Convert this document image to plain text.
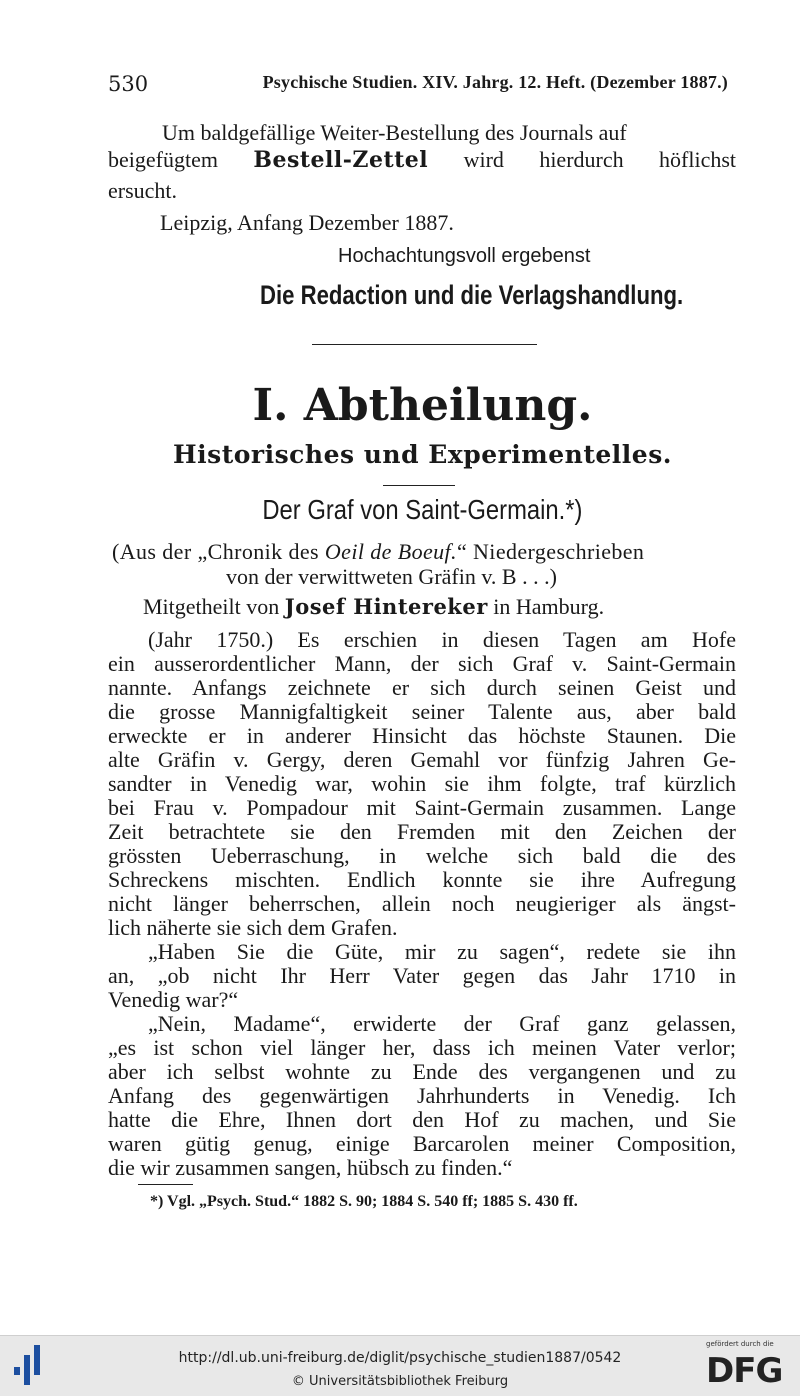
530	Psychische Studien. XIV. Jahrg. 12. Heft. (Dezember 1887.)
Um baldgefällige Weiter-Bestellung des Journals auf
beigefügtem Bestell-Zettel wird hierdurch höflichst
ersucht.
Leipzig, Anfang Dezember 1887.
Hochachtungsvoll ergebenst
Die Redaction und die Verlagshandlung.
I. Abtheilung.
Historisches und Experimentelles.
Der Graf von Saint-Germain.*)
(Aus der „Chronik des Oeil de Boeuf.“ Niedergeschrieben
von der verwittweten Gräfin v. B . . .)
Mitgetheilt von Josef Hintereker in Hamburg.
(Jahr 1750.) Es erschien in diesen Tagen am Hofe
ein ausserordentlicher Mann, der sich Graf v. Saint-Germain
nannte. Anfangs zeichnete er sich durch seinen Geist und
die grosse Mannigfaltigkeit seiner Talente aus, aber bald
erweckte er in anderer Hinsicht das höchste Staunen. Die
alte Gräfin v. Gergy, deren Gemahl vor fünfzig Jahren Ge-
sandter in Venedig war, wohin sie ihm folgte, traf kürzlich
bei Frau v. Pompadour mit Saint-Germain zusammen. Lange
Zeit betrachtete sie den Fremden mit den Zeichen der
grössten Ueberraschung, in welche sich bald die des
Schreckens mischten. Endlich konnte sie ihre Aufregung
nicht länger beherrschen, allein noch neugieriger als ängst-
lich näherte sie sich dem Grafen.
„Haben Sie die Güte, mir zu sagen“, redete sie ihn
an, „ob nicht Ihr Herr Vater gegen das Jahr 1710 in
Venedig war?“
„Nein, Madame“, erwiderte der Graf ganz gelassen,
„es ist schon viel länger her, dass ich meinen Vater verlor;
aber ich selbst wohnte zu Ende des vergangenen und zu
Anfang des gegenwärtigen Jahrhunderts in Venedig. Ich
hatte die Ehre, Ihnen dort den Hof zu machen, und Sie
waren gütig genug, einige Barcarolen meiner Composition,
die wir zusammen sangen, hübsch zu finden.“
*) Vgl. „Psych. Stud.“ 1882 S. 90; 1884 S. 540 ff; 1885 S. 430 ff.
http://dl.ub.uni-freiburg.de/diglit/psychische_studien1887/0542
© Universitätsbibliothek Freiburg
gefördert durch die
DFG
